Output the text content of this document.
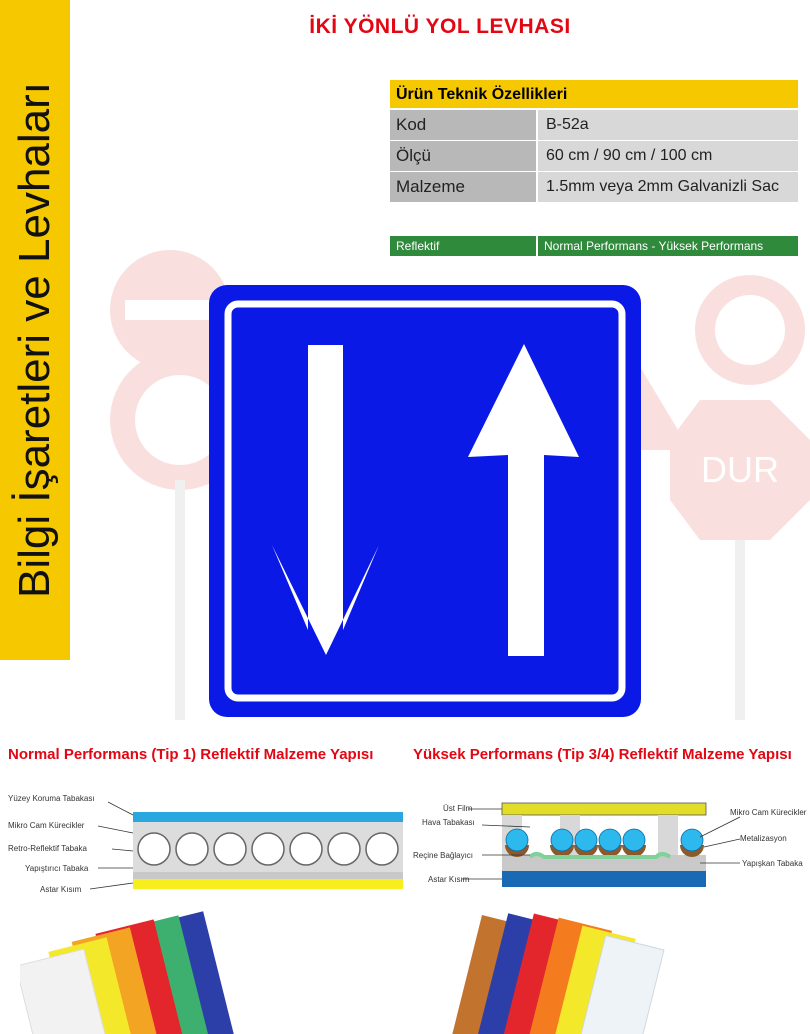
Bilgi İşaretleri ve Levhaları
İKİ YÖNLÜ YOL LEVHASI
Ürün Teknik Özellikleri
Kod	B-52a
Ölçü	60 cm / 90 cm / 100 cm
Malzeme	1.5mm veya 2mm Galvanizli Sac
Reflektif	Normal Performans - Yüksek Performans
DUR
Normal Performans (Tip 1) Reflektif Malzeme Yapısı	Yüksek Performans (Tip 3/4) Reflektif Malzeme Yapısı
Yüzey Koruma Tabakası
Mikro Cam Kürecikler
Retro-Reflektif Tabaka
Yapıştırıcı Tabaka
Astar Kısım
Üst Film
Hava Tabakası
Reçine Bağlayıcı
Astar Kısım
Mikro Cam Kürecikler
Metalizasyon
Yapışkan Tabaka
